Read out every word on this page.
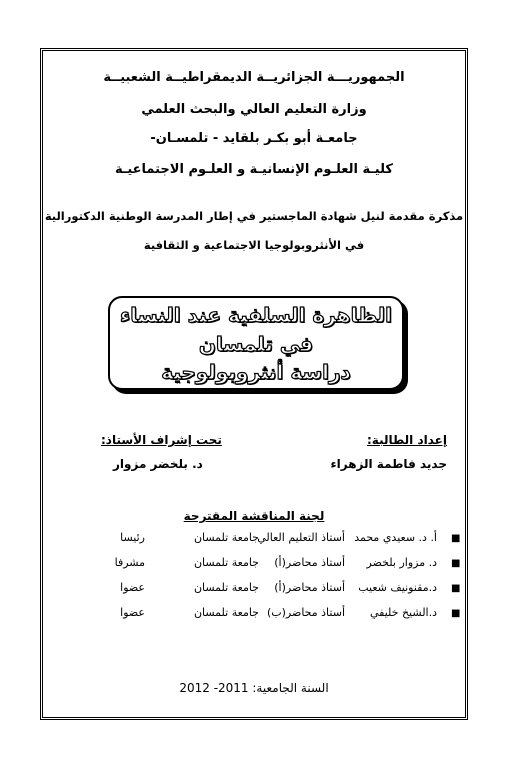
الجمهوريـــة الجزائريــة الديمقراطيــة الشعبيــة
وزارة التعليم العالي والبحث العلمي
جامعـة أبو بكـر بلقايد - تلمسـان-
كليـة العلـوم الإنسانيـة و العلـوم الاجتماعيـة
مذكرة مقدمة لنيل شهادة الماجستير في إطار المدرسة الوطنية الدكتورالية
في الأنثروبولوجيا الاجتماعية و الثقافية
إعداد الطالبة:
جديد فاطمة الزهراء
تحت إشراف الأستاذ:
د. بلخضر مزوار
لجنة المناقشة المقترحة
■
أ. د. سعيدي محمد
أستاذ التعليم العالي
جامعة تلمسان
رئيسا
■
د. مزوار بلخضر
أستاذ محاضر(أ)
جامعة تلمسان
مشرفا
■
د.مقنونيف شعيب
أستاذ محاضر(أ)
جامعة تلمسان
عضوا
■
د.الشيخ خليفي
أستاذ محاضر(ب)
جامعة تلمسان
عضوا
السنة الجامعية: 2011- 2012
الظاهرة السلفية عند النساء
في تلمسان
دراسة أنثروبولوجية
